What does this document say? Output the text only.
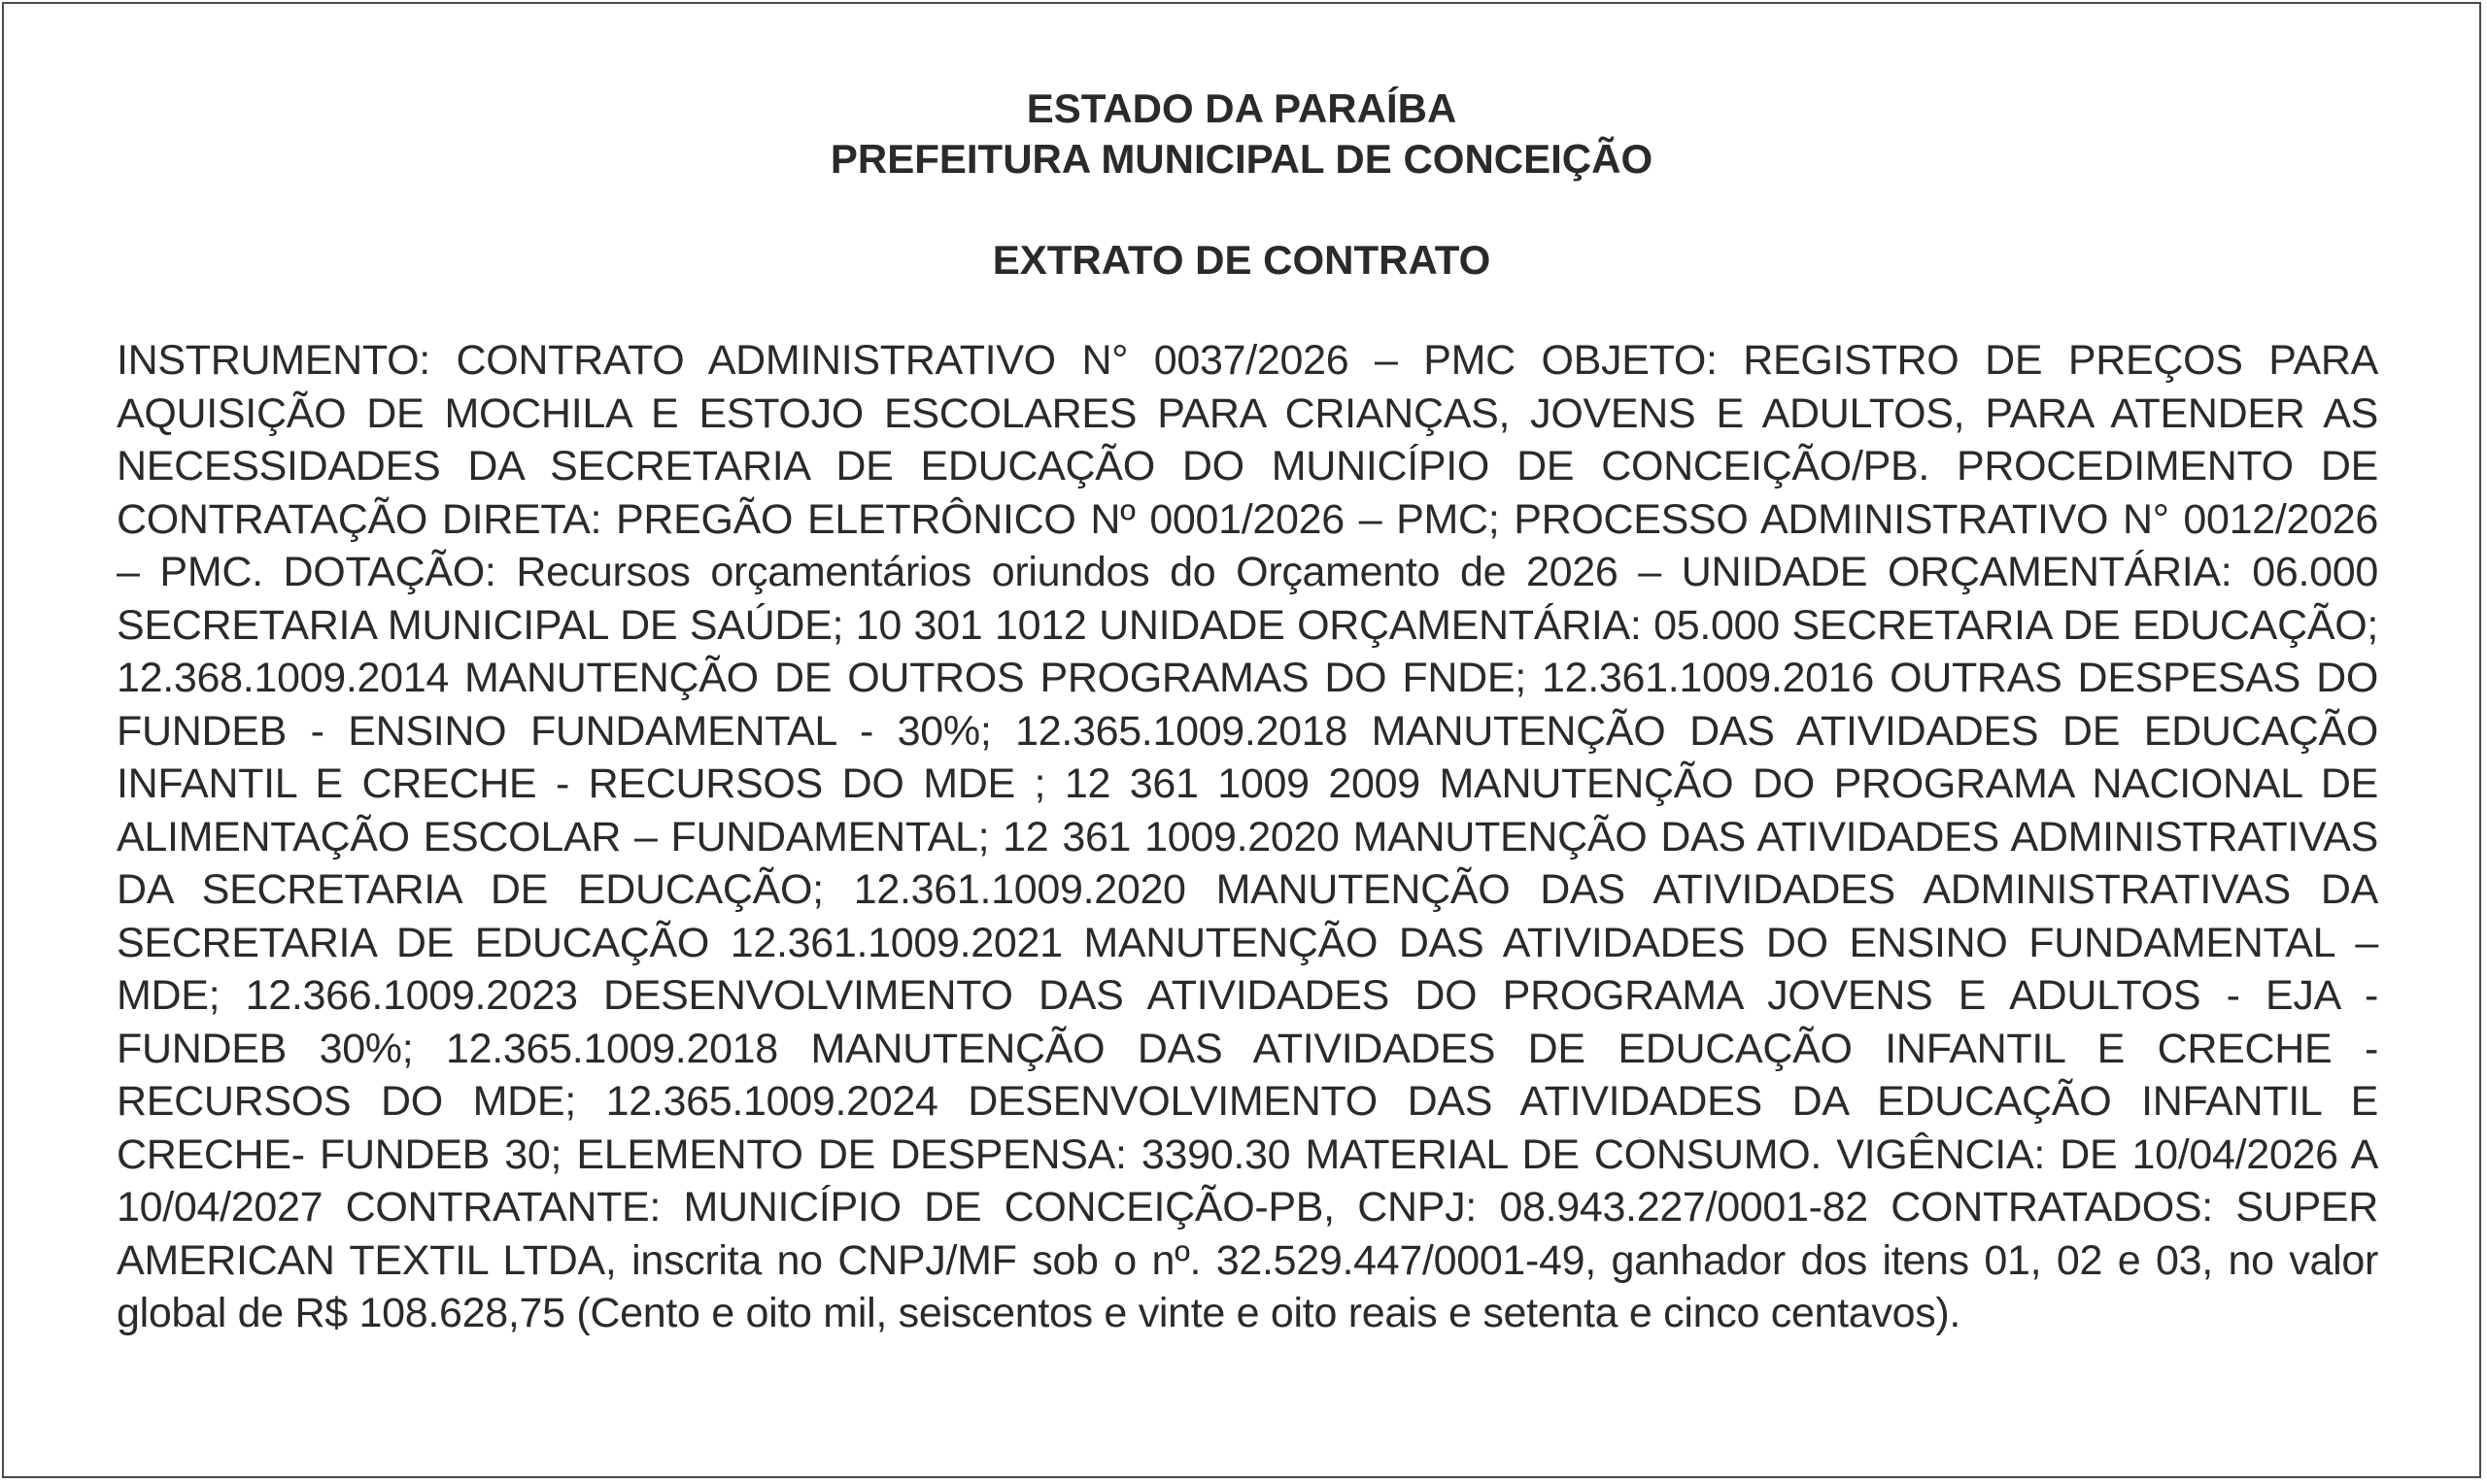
ESTADO DA PARAÍBA
PREFEITURA MUNICIPAL DE CONCEIÇÃO
EXTRATO DE CONTRATO

INSTRUMENTO: CONTRATO ADMINISTRATIVO N° 0037/2026 – PMC OBJETO: REGISTRO DE PREÇOS PARA AQUISIÇÃO DE MOCHILA E ESTOJO ESCOLARES PARA CRIANÇAS, JOVENS E ADULTOS, PARA ATENDER AS NECESSIDADES DA SECRETARIA DE EDUCAÇÃO DO MUNICÍPIO DE CONCEIÇÃO/PB. PROCEDIMENTO DE CONTRATAÇÃO DIRETA: PREGÃO ELETRÔNICO Nº 0001/2026 – PMC; PROCESSO ADMINISTRATIVO N° 0012/2026 – PMC. DOTAÇÃO: Recursos orçamentários oriundos do Orçamento de 2026 – UNIDADE ORÇAMENTÁRIA: 06.000 SECRETARIA MUNICIPAL DE SAÚDE; 10 301 1012 UNIDADE ORÇAMENTÁRIA: 05.000 SECRETARIA DE EDUCAÇÃO; 12.368.1009.2014 MANUTENÇÃO DE OUTROS PROGRAMAS DO FNDE; 12.361.1009.2016 OUTRAS DESPESAS DO FUNDEB - ENSINO FUNDAMENTAL - 30%; 12.365.1009.2018 MANUTENÇÃO DAS ATIVIDADES DE EDUCAÇÃO INFANTIL E CRECHE - RECURSOS DO MDE ; 12 361 1009 2009 MANUTENÇÃO DO PROGRAMA NACIONAL DE ALIMENTAÇÃO ESCOLAR – FUNDAMENTAL; 12 361 1009.2020 MANUTENÇÃO DAS ATIVIDADES ADMINISTRATIVAS DA SECRETARIA DE EDUCAÇÃO; 12.361.1009.2020 MANUTENÇÃO DAS ATIVIDADES ADMINISTRATIVAS DA SECRETARIA DE EDUCAÇÃO 12.361.1009.2021 MANUTENÇÃO DAS ATIVIDADES DO ENSINO FUNDAMENTAL – MDE; 12.366.1009.2023 DESENVOLVIMENTO DAS ATIVIDADES DO PROGRAMA JOVENS E ADULTOS - EJA - FUNDEB 30%; 12.365.1009.2018 MANUTENÇÃO DAS ATIVIDADES DE EDUCAÇÃO INFANTIL E CRECHE - RECURSOS DO MDE; 12.365.1009.2024 DESENVOLVIMENTO DAS ATIVIDADES DA EDUCAÇÃO INFANTIL E CRECHE- FUNDEB 30; ELEMENTO DE DESPENSA: 3390.30 MATERIAL DE CONSUMO. VIGÊNCIA: DE 10/04/2026 A 10/04/2027 CONTRATANTE: MUNICÍPIO DE CONCEIÇÃO-PB, CNPJ: 08.943.227/0001-82 CONTRATADOS: SUPER AMERICAN TEXTIL LTDA, inscrita no CNPJ/MF sob o nº. 32.529.447/0001-49, ganhador dos itens 01, 02 e 03, no valor global de R$ 108.628,75 (Cento e oito mil, seiscentos e vinte e oito reais e setenta e cinco centavos).
